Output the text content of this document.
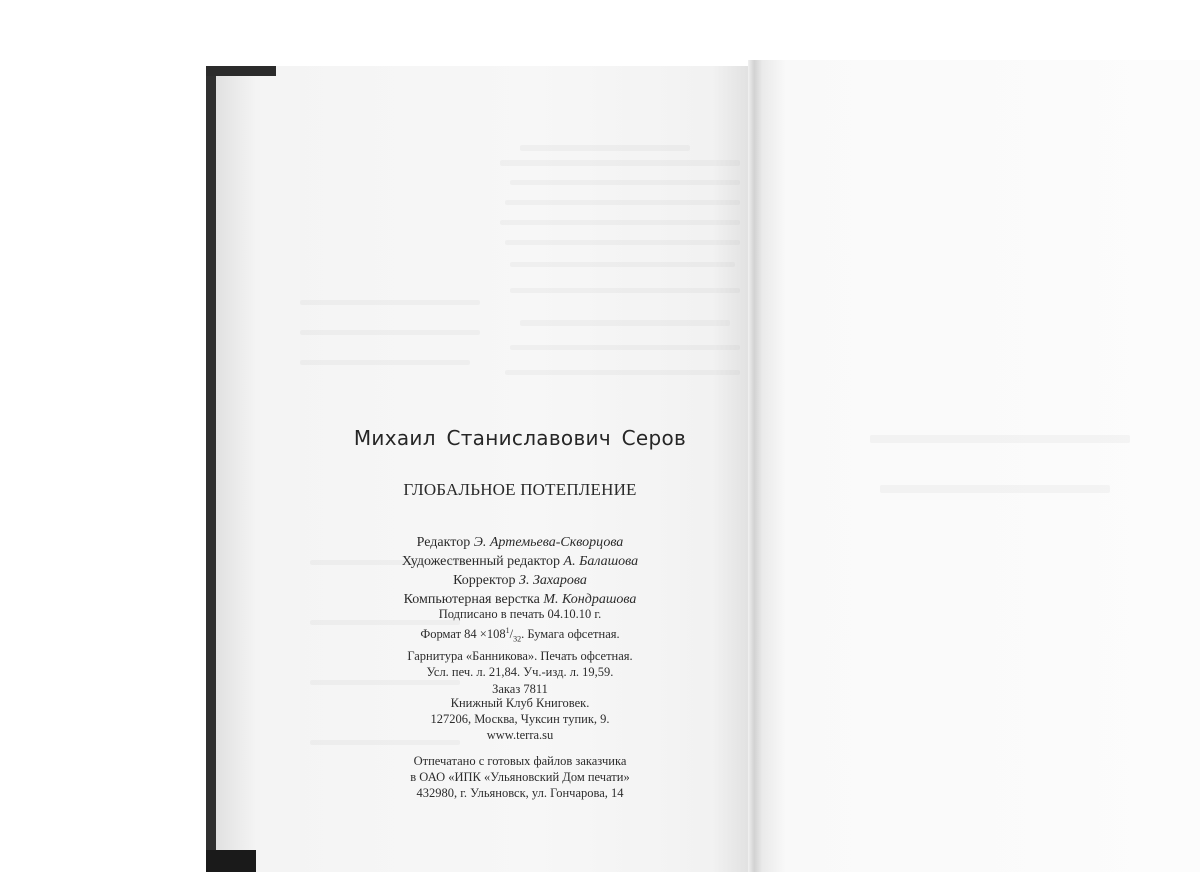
Михаил Станиславович Серов
ГЛОБАЛЬНОЕ ПОТЕПЛЕНИЕ
Редактор Э. Артемьева-Скворцова
Художественный редактор А. Балашова
Корректор З. Захарова
Компьютерная верстка М. Кондрашова
Подписано в печать 04.10.10 г.
Формат $84 \times 108^1/_{32}$. Бумага офсетная.
Гарнитура «Банникова». Печать офсетная.
Усл. печ. л. 21,84. Уч.-изд. л. 19,59.
Заказ 7811
Книжный Клуб Книговек.
127206, Москва, Чуксин тупик, 9.
www.terra.su
Отпечатано с готовых файлов заказчика
в ОАО «ИПК «Ульяновский Дом печати»
432980, г. Ульяновск, ул. Гончарова, 14
